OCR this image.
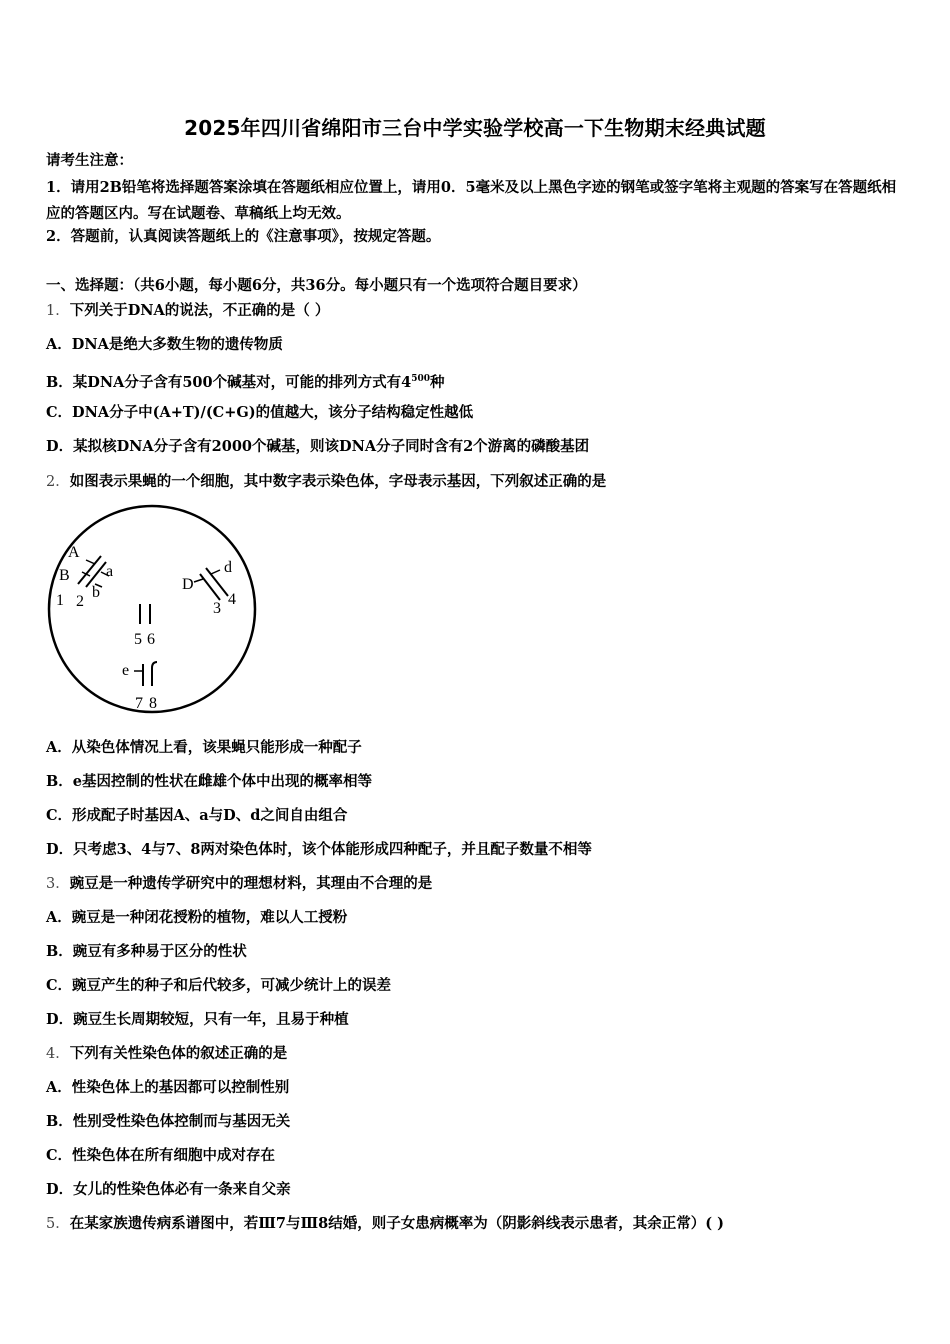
2025年四川省绵阳市三台中学实验学校高一下生物期末经典试题
请考生注意：
1．请用2B铅笔将选择题答案涂填在答题纸相应位置上，请用0．5毫米及以上黑色字迹的钢笔或签字笔将主观题的答案写在答题纸相应的答题区内。写在试题卷、草稿纸上均无效。
2．答题前，认真阅读答题纸上的《注意事项》，按规定答题。
一、选择题：（共6小题，每小题6分，共36分。每小题只有一个选项符合题目要求）
1．下列关于DNA的说法，不正确的是（ ）
A．DNA是绝大多数生物的遗传物质
B．某DNA分子含有500个碱基对，可能的排列方式有$4^{500}$种
C．DNA分子中(A+T)/(C+G)的值越大，该分子结构稳定性越低
D．某拟核DNA分子含有2000个碱基，则该DNA分子同时含有2个游离的磷酸基团
2．如图表示果蝇的一个细胞，其中数字表示染色体，字母表示基因，下列叙述正确的是
A
B a
b
1 2
D
d
3
4
5 6
e
7 8
A．从染色体情况上看，该果蝇只能形成一种配子
B．e基因控制的性状在雌雄个体中出现的概率相等
C．形成配子时基因A、a与D、d之间自由组合
D．只考虑3、4与7、8两对染色体时，该个体能形成四种配子，并且配子数量不相等
3．豌豆是一种遗传学研究中的理想材料，其理由不合理的是
A．豌豆是一种闭花授粉的植物，难以人工授粉
B．豌豆有多种易于区分的性状
C．豌豆产生的种子和后代较多，可减少统计上的误差
D．豌豆生长周期较短，只有一年，且易于种植
4．下列有关性染色体的叙述正确的是
A．性染色体上的基因都可以控制性别
B．性别受性染色体控制而与基因无关
C．性染色体在所有细胞中成对存在
D．女儿的性染色体必有一条来自父亲
5．在某家族遗传病系谱图中，若Ⅲ7与Ⅲ8结婚，则子女患病概率为（阴影斜线表示患者，其余正常）( )
